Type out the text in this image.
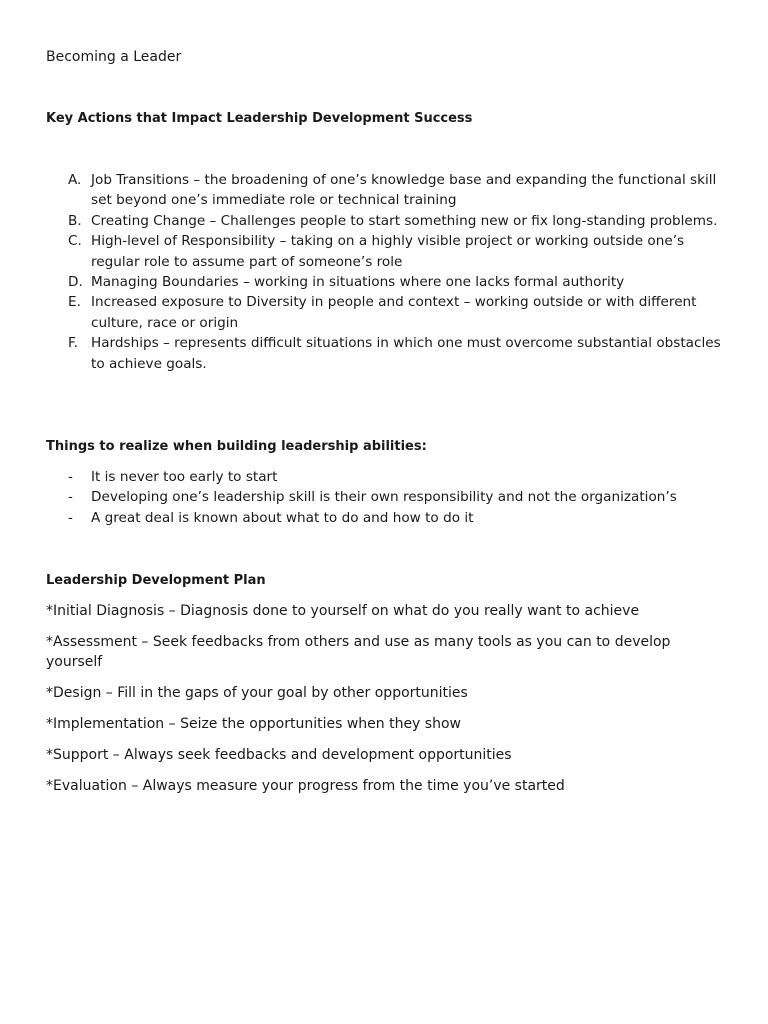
Becoming a Leader
Key Actions that Impact Leadership Development Success
A. Job Transitions – the broadening of one’s knowledge base and expanding the functional skill set beyond one’s immediate role or technical training
B. Creating Change – Challenges people to start something new or fix long-standing problems.
C. High-level of Responsibility – taking on a highly visible project or working outside one’s regular role to assume part of someone’s role
D. Managing Boundaries – working in situations where one lacks formal authority
E. Increased exposure to Diversity in people and context – working outside or with different culture, race or origin
F. Hardships – represents difficult situations in which one must overcome substantial obstacles to achieve goals.
Things to realize when building leadership abilities:
- It is never too early to start
- Developing one’s leadership skill is their own responsibility and not the organization’s
- A great deal is known about what to do and how to do it
Leadership Development Plan

*Initial Diagnosis – Diagnosis done to yourself on what do you really want to achieve

*Assessment – Seek feedbacks from others and use as many tools as you can to develop yourself

*Design – Fill in the gaps of your goal by other opportunities

*Implementation – Seize the opportunities when they show

*Support – Always seek feedbacks and development opportunities

*Evaluation – Always measure your progress from the time you’ve started
